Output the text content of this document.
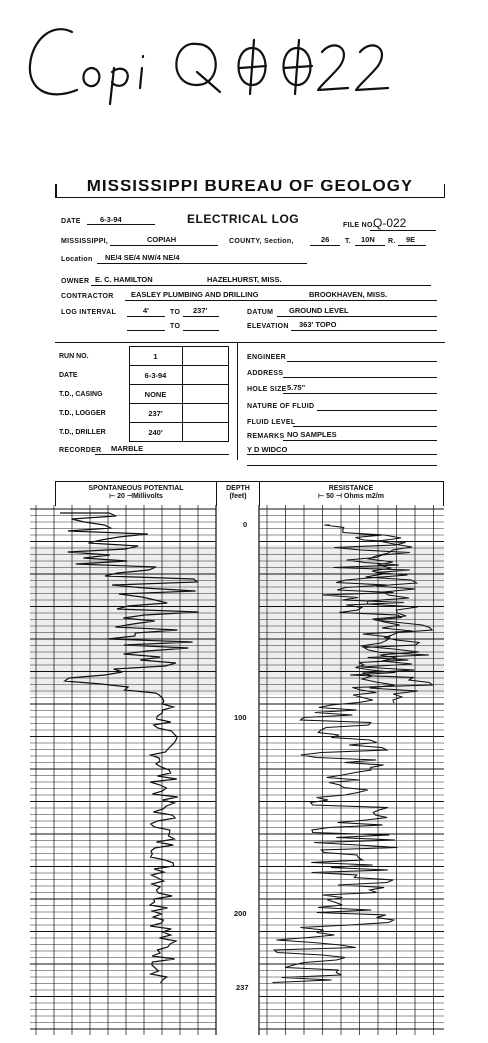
Copi Q0022
MISSISSIPPI BUREAU OF GEOLOGY
DATE	6-3-94	ELECTRICAL LOG	FILE NO.
Q-022
MISSISSIPPI,	COPIAH	COUNTY, Section,	26 T. 10N R. 9E
Location NE/4 SE/4 NW/4 NE/4
OWNER E. C. HAMILTON	HAZELHURST, MISS.
CONTRACTOR EASLEY PLUMBING AND DRILLING	BROOKHAVEN, MISS.
LOG INTERVAL	4'	TO 237'	DATUM GROUND LEVEL
TO	ELEVATION 363' TOPO
RUN NO.	1	
DATE	6-3-94	
T.D., CASING	NONE	
T.D., LOGGER	237'	
T.D., DRILLER	240'	
RECORDER MARBLE
ENGINEER
ADDRESS
HOLE SIZE 5.75"
NATURE OF FLUID
FLUID LEVEL
REMARKS NO SAMPLES
Y D WIDCO
SPONTANEOUS POTENTIAL
⊢ 20 ⊣Millivolts
DEPTH
(feet)
RESISTANCE
⊢ 50 ⊣ Ohms m2/m
0
100
200
237
